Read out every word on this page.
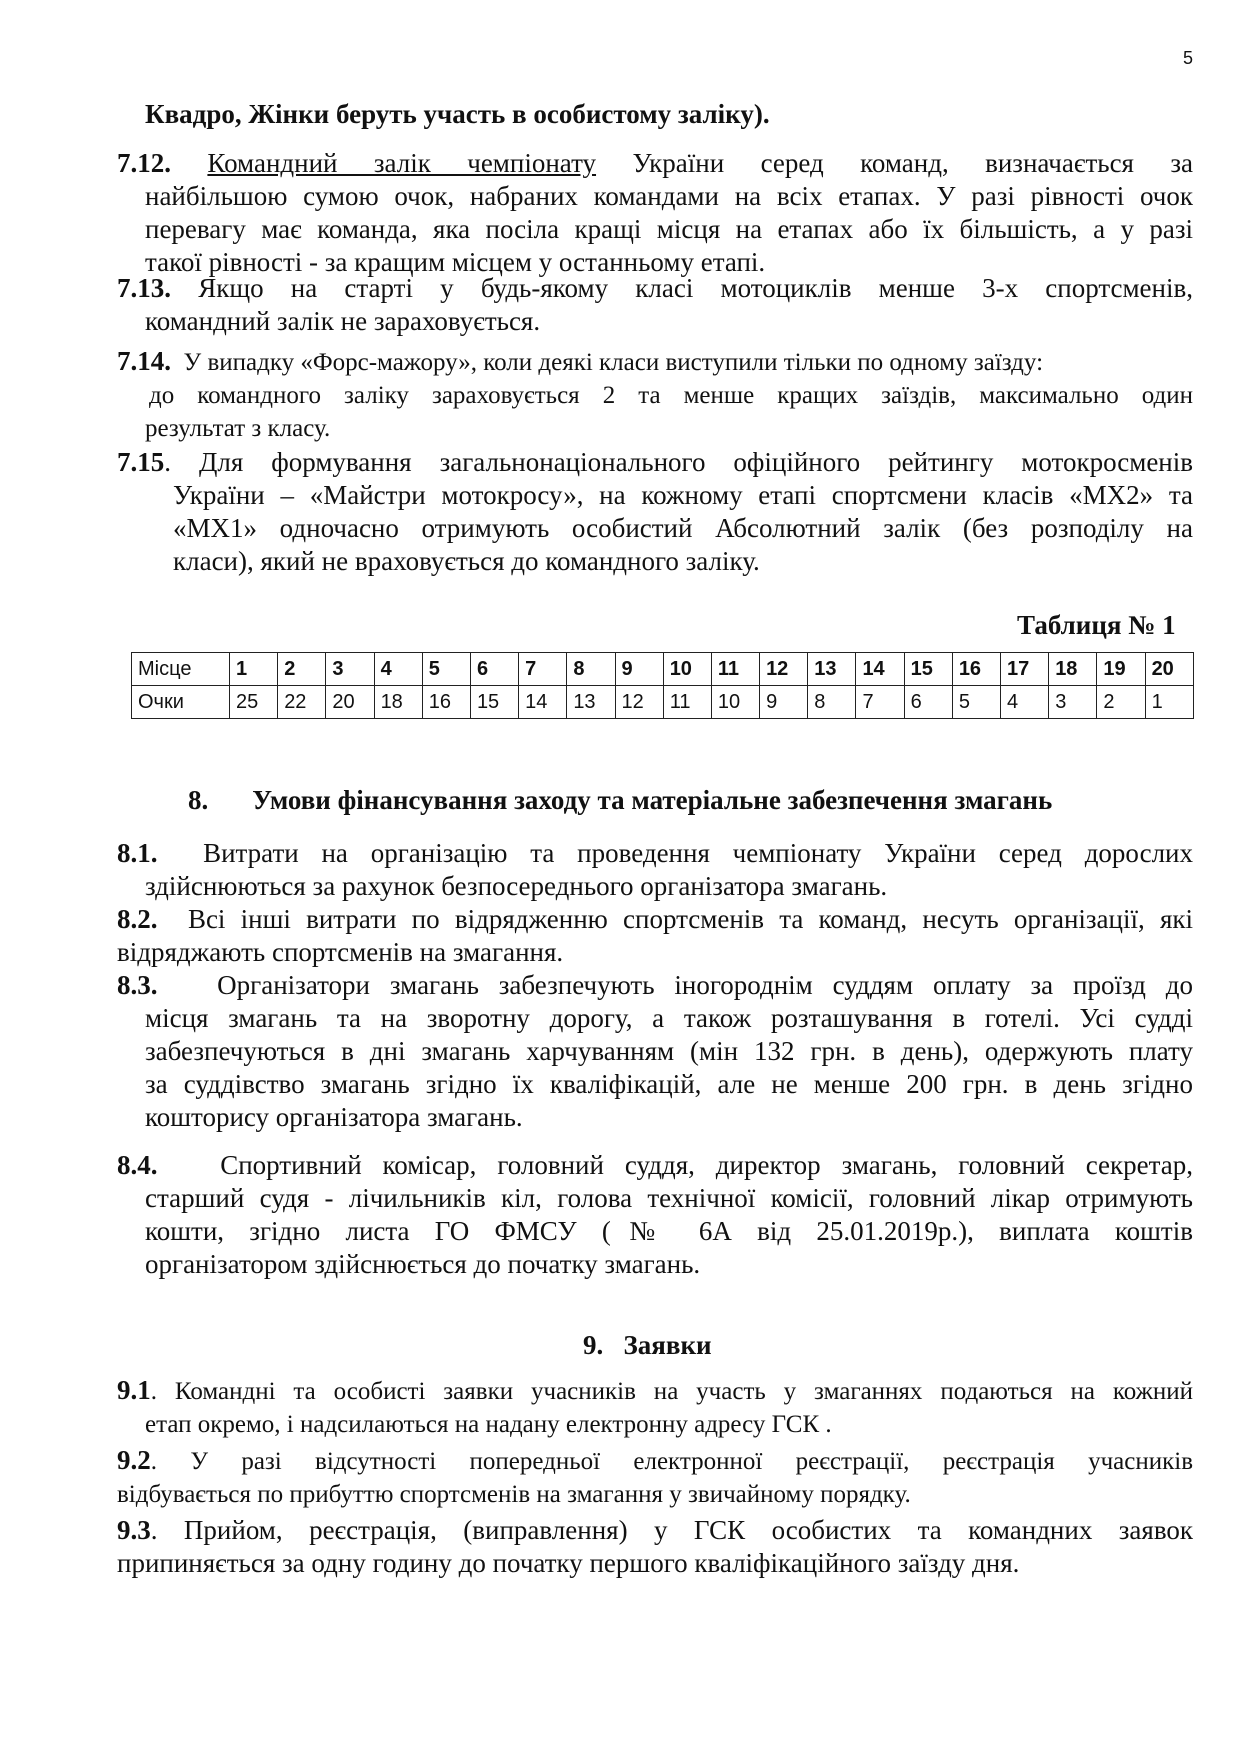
5
Квадро, Жінки беруть участь в особистому заліку).
7.12. Командний залік чемпіонату України серед команд, визначається за
найбільшою сумою очок, набраних командами на всіх етапах. У разі рівності очок
перевагу має команда, яка посіла кращі місця на етапах або їх більшість, а у разі
такої рівності - за кращим місцем у останньому етапі.
7.13. Якщо на старті у будь-якому класі мотоциклів менше 3-х спортсменів,
командний залік не зараховується.
7.14. У випадку «Форс-мажору», коли деякі класи виступили тільки по одному заїзду:
до командного заліку зараховується 2 та менше кращих заїздів, максимально один
результат з класу.
7.15. Для формування загальнонаціонального офіційного рейтингу мотокросменів
України – «Майстри мотокросу», на кожному етапі спортсмени класів «MX2» та
«MX1» одночасно отримують особистий Абсолютний залік (без розподілу на
класи), який не враховується до командного заліку.
Таблиця № 1
Місце	1	2	3	4	5	6	7	8	9	10	11	12	13	14	15	16	17	18	19	20
Очки	25	22	20	18	16	15	14	13	12	11	10	9	8	7	6	5	4	3	2	1
8. Умови фінансування заходу та матеріальне забезпечення змагань
8.1. Витрати на організацію та проведення чемпіонату України серед дорослих
здійснюються за рахунок безпосереднього організатора змагань.
8.2. Всі інші витрати по відрядженню спортсменів та команд, несуть організації, які
відряджають спортсменів на змагання.
8.3. Організатори змагань забезпечують іногороднім суддям оплату за проїзд до
місця змагань та на зворотну дорогу, а також розташування в готелі. Усі судді
забезпечуються в дні змагань харчуванням (мін 132 грн. в день), одержують плату
за суддівство змагань згідно їх кваліфікацій, але не менше 200 грн. в день згідно
кошторису організатора змагань.
8.4. Спортивний комісар, головний суддя, директор змагань, головний секретар,
старший судя - лічильників кіл, голова технічної комісії, головний лікар отримують
кошти, згідно листа ГО ФМСУ (№ 6А від 25.01.2019р.), виплата коштів
організатором здійснюється до початку змагань.
9. Заявки
9.1. Командні та особисті заявки учасників на участь у змаганнях подаються на кожний
етап окремо, і надсилаються на надану електронну адресу ГСК .
9.2. У разі відсутності попередньої електронної реєстрації, реєстрація учасників
відбувається по прибуттю спортсменів на змагання у звичайному порядку.
9.3. Прийом, реєстрація, (виправлення) у ГСК особистих та командних заявок
припиняється за одну годину до початку першого кваліфікаційного заїзду дня.
